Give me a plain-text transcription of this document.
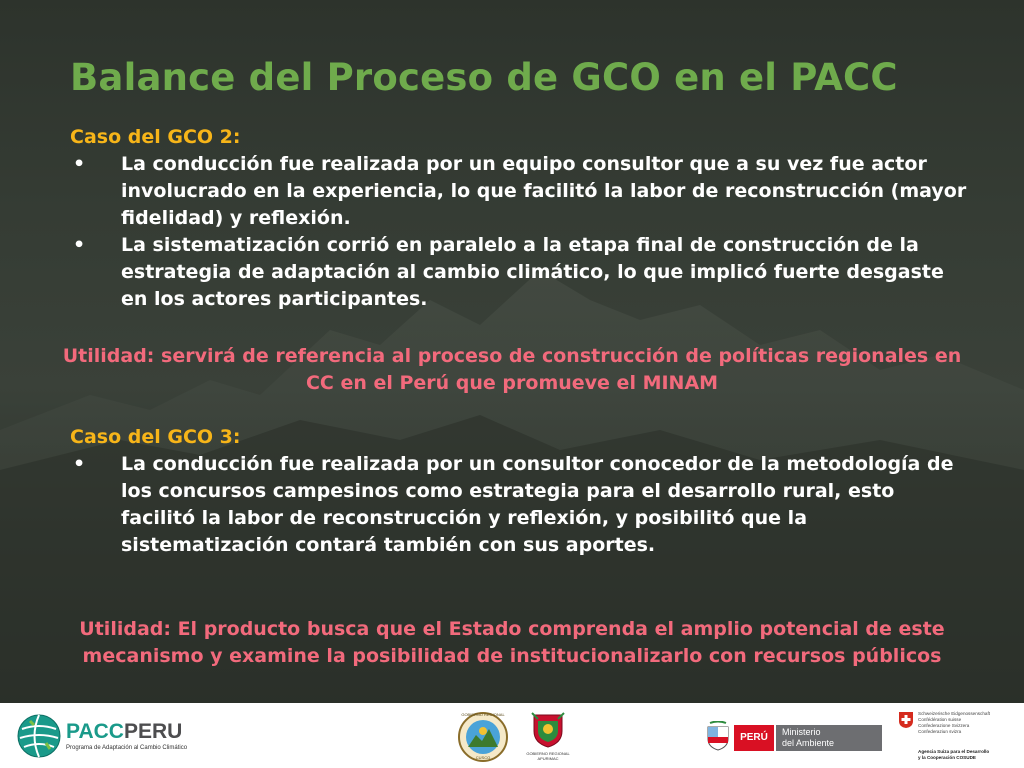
Balance del Proceso de GCO en el PACC

Caso del GCO 2:

• La conducción fue realizada por un equipo consultor que a su vez fue actor involucrado en la experiencia, lo que facilitó la labor de reconstrucción (mayor fidelidad) y reflexión.
• La sistematización corrió en paralelo a la etapa final de construcción de la estrategia de adaptación al cambio climático, lo que implicó fuerte desgaste en los actores participantes.

Utilidad: servirá de referencia al proceso de construcción de políticas regionales en CC en el Perú que promueve el MINAM

Caso del GCO 3:

• La conducción fue realizada por un consultor conocedor de la metodología de los concursos campesinos como estrategia para el desarrollo rural, esto facilitó la labor de reconstrucción y reflexión, y posibilitó que la sistematización contará también con sus aportes.

Utilidad: El producto busca que el Estado comprenda el amplio potencial de este mecanismo y examine la posibilidad de institucionalizarlo con recursos públicos

PACCPERU
Programa de Adaptación al Cambio Climático
GOBIERNO REGIONAL
CUSCO
GOBIERNO REGIONAL
APURIMAC
PERÚ	Ministerio
del Ambiente
Schweizerische Eidgenossenschaft
Confédération suisse
Confederazione Svizzera
Confederaziun svizra
Agencia Suiza para el Desarrollo
y la Cooperación COSUDE
